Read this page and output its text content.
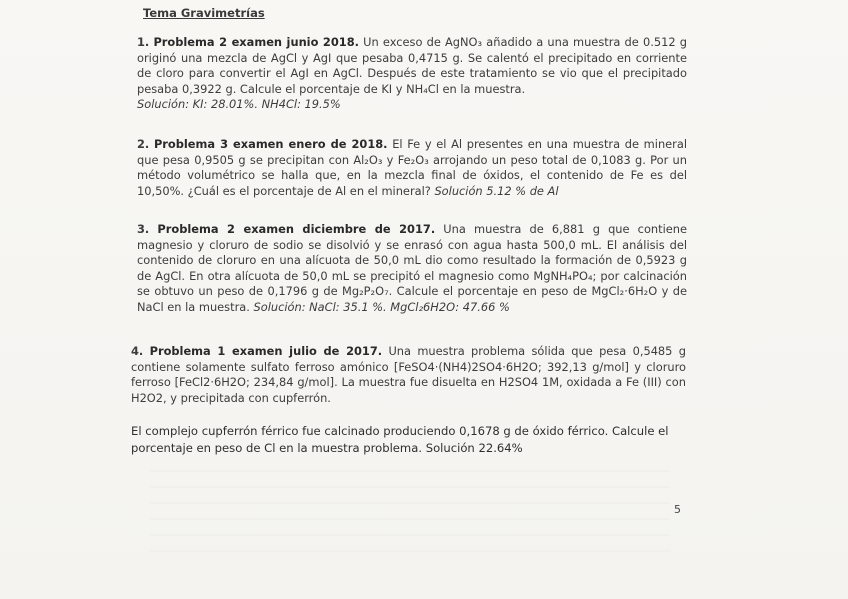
Tema Gravimetrías
1. Problema 2 examen junio 2018. Un exceso de AgNO₃ añadido a una muestra de 0.512 g originó una mezcla de AgCl y AgI que pesaba 0,4715 g. Se calentó el precipitado en corriente de cloro para convertir el AgI en AgCl. Después de este tratamiento se vio que el precipitado pesaba 0,3922 g. Calcule el porcentaje de KI y NH₄Cl en la muestra.
Solución: KI: 28.01%. NH4Cl: 19.5%
2. Problema 3 examen enero de 2018. El Fe y el Al presentes en una muestra de mineral que pesa 0,9505 g se precipitan con Al₂O₃ y Fe₂O₃ arrojando un peso total de 0,1083 g. Por un método volumétrico se halla que, en la mezcla final de óxidos, el contenido de Fe es del 10,50%. ¿Cuál es el porcentaje de Al en el mineral? Solución 5.12 % de Al
3. Problema 2 examen diciembre de 2017. Una muestra de 6,881 g que contiene magnesio y cloruro de sodio se disolvió y se enrasó con agua hasta 500,0 mL. El análisis del contenido de cloruro en una alícuota de 50,0 mL dio como resultado la formación de 0,5923 g de AgCl. En otra alícuota de 50,0 mL se precipitó el magnesio como MgNH₄PO₄; por calcinación se obtuvo un peso de 0,1796 g de Mg₂P₂O₇. Calcule el porcentaje en peso de MgCl₂·6H₂O y de NaCl en la muestra. Solución: NaCl: 35.1 %. MgCl₂6H2O: 47.66 %
4. Problema 1 examen julio de 2017. Una muestra problema sólida que pesa 0,5485 g contiene solamente sulfato ferroso amónico [FeSO4·(NH4)2SO4·6H2O; 392,13 g/mol] y cloruro ferroso [FeCl2·6H2O; 234,84 g/mol]. La muestra fue disuelta en H2SO4 1M, oxidada a Fe (III) con H2O2, y precipitada con cupferrón.
El complejo cupferrón férrico fue calcinado produciendo 0,1678 g de óxido férrico. Calcule el porcentaje en peso de Cl en la muestra problema. Solución 22.64%
5
